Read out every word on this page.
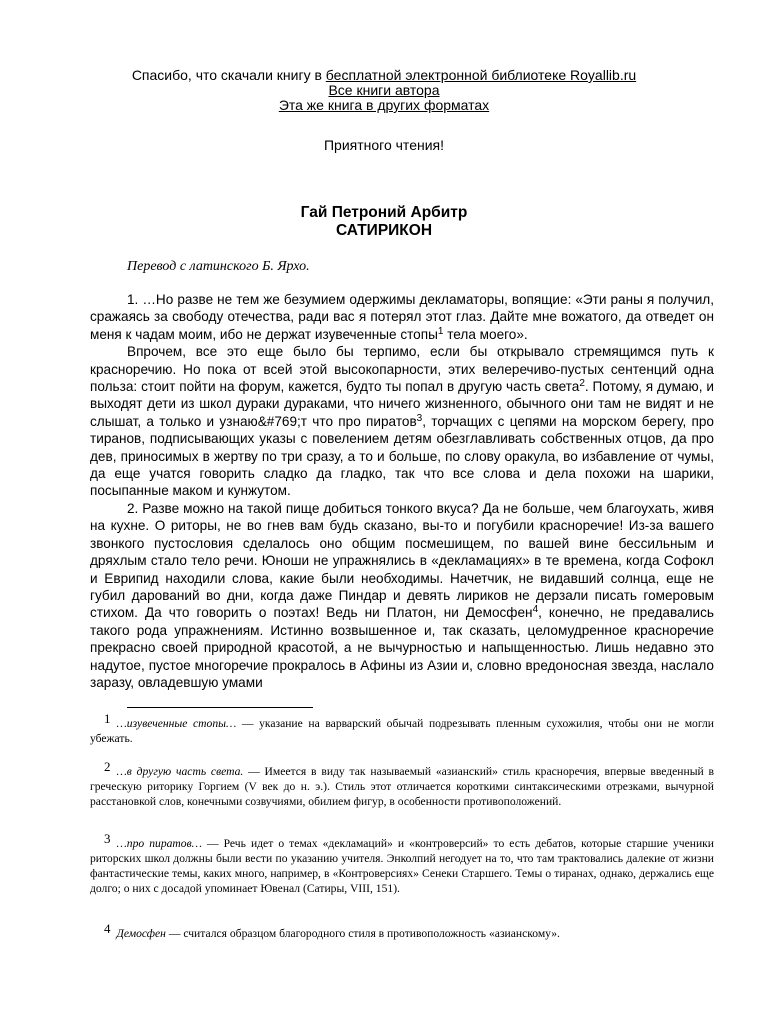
Спасибо, что скачали книгу в бесплатной электронной библиотеке Royallib.ru
Все книги автора
Эта же книга в других форматах
Приятного чтения!
Гай Петроний Арбитр
САТИРИКОН
Перевод с латинского Б. Ярхо.

1. …Но разве не тем же безумием одержимы декламаторы, вопящие: «Эти раны я получил, сражаясь за свободу отечества, ради вас я потерял этот глаз. Дайте мне вожатого, да отведет он меня к чадам моим, ибо не держат изувеченные стопы$^1$ тела моего».

Впрочем, все это еще было бы терпимо, если бы открывало стремящимся путь к красноречию. Но пока от всей этой высокопарности, этих велеречиво-пустых сентенций одна польза: стоит пойти на форум, кажется, будто ты попал в другую часть света$^2$. Потому, я думаю, и выходят дети из школ дураки дураками, что ничего жизненного, обычного они там не видят и не слышат, а только и узнаю&#769;т что про пиратов$^3$, торчащих с цепями на морском берегу, про тиранов, подписывающих указы с повелением детям обезглавливать собственных отцов, да про дев, приносимых в жертву по три сразу, а то и больше, по слову оракула, во избавление от чумы, да еще учатся говорить сладко да гладко, так что все слова и дела похожи на шарики, посыпанные маком и кунжутом.

2. Разве можно на такой пище добиться тонкого вкуса? Да не больше, чем благоухать, живя на кухне. О риторы, не во гнев вам будь сказано, вы-то и погубили красноречие! Из-за вашего звонкого пустословия сделалось оно общим посмешищем, по вашей вине бессильным и дряхлым стало тело речи. Юноши не упражнялись в «декламациях» в те времена, когда Софокл и Еврипид находили слова, какие были необходимы. Начетчик, не видавший солнца, еще не губил дарований во дни, когда даже Пиндар и девять лириков не дерзали писать гомеровым стихом. Да что говорить о поэтах! Ведь ни Платон, ни Демосфен$^4$, конечно, не предавались такого рода упражнениям. Истинно возвышенное и, так сказать, целомудренное красноречие прекрасно своей природной красотой, а не вычурностью и напыщенностью. Лишь недавно это надутое, пустое многоречие прокралось в Афины из Азии и, словно вредоносная звезда, наслало заразу, овладевшую умами

1 …изувеченные стопы… — указание на варварский обычай подрезывать пленным сухожилия, чтобы они не могли убежать.
2 …в другую часть света. — Имеется в виду так называемый «азианский» стиль красноречия, впервые введенный в греческую риторику Горгием (V век до н. э.). Стиль этот отличается короткими синтаксическими отрезками, вычурной расстановкой слов, конечными созвучиями, обилием фигур, в особенности противоположений.
3 …про пиратов… — Речь идет о темах «декламаций» и «контроверсий» то есть дебатов, которые старшие ученики риторских школ должны были вести по указанию учителя. Энколпий негодует на то, что там трактовались далекие от жизни фантастические темы, каких много, например, в «Контроверсиях» Сенеки Старшего. Темы о тиранах, однако, держались еще долго; о них с досадой упоминает Ювенал (Сатиры, VIII, 151).
4 Демосфен — считался образцом благородного стиля в противоположность «азианскому».
